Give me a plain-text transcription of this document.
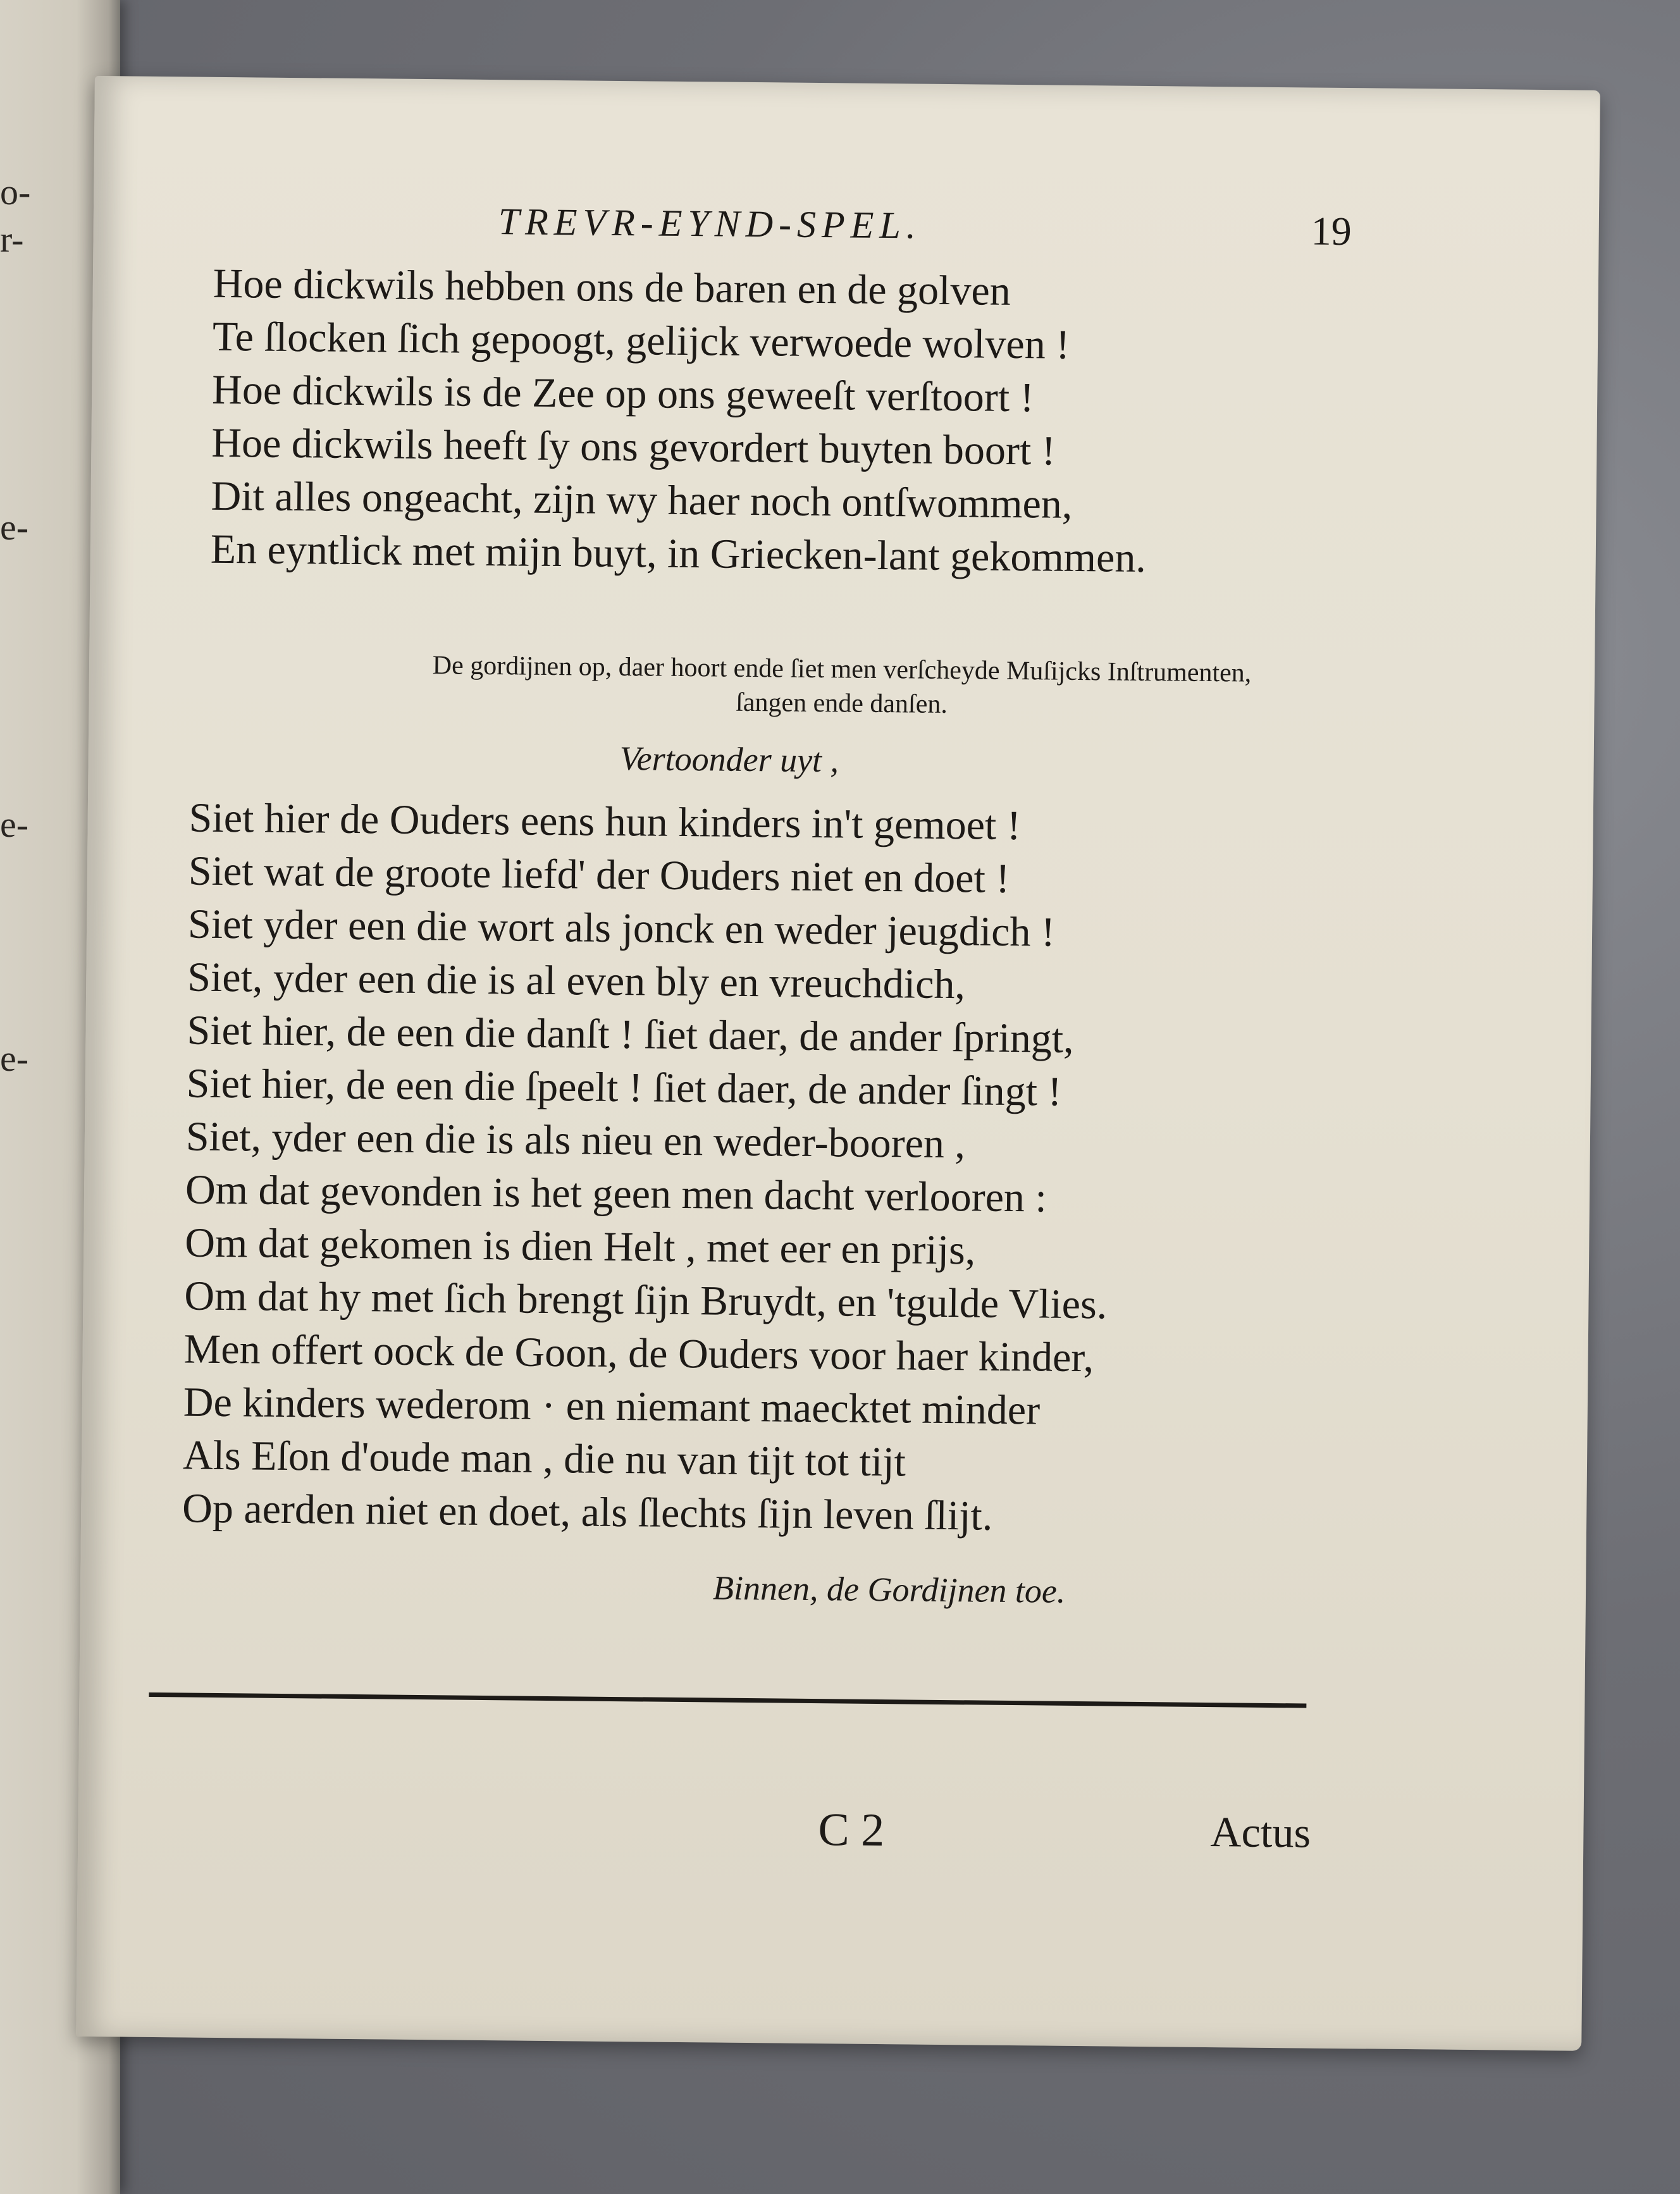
o-
r-
e-
e-
e-
TREVR-EYND-SPEL.	19
Hoe dickwils hebben ons de baren en de golven
Te ſlocken ſich gepoogt, gelijck verwoede wolven !
Hoe dickwils is de Zee op ons geweeſt verſtoort !
Hoe dickwils heeft ſy ons gevordert buyten boort !
Dit alles ongeacht, zijn wy haer noch ontſwommen,
En eyntlick met mijn buyt, in Griecken-lant gekommen.
De gordijnen op, daer hoort ende ſiet men verſcheyde Muſijcks Inſtrumenten,
ſangen ende danſen.
Vertoonder uyt ,
Siet hier de Ouders eens hun kinders in't gemoet !
Siet wat de groote liefd' der Ouders niet en doet !
Siet yder een die wort als jonck en weder jeugdich !
Siet, yder een die is al even bly en vreuchdich,
Siet hier, de een die danſt ! ſiet daer, de ander ſpringt,
Siet hier, de een die ſpeelt ! ſiet daer, de ander ſingt !
Siet, yder een die is als nieu en weder-booren ,
Om dat gevonden is het geen men dacht verlooren :
Om dat gekomen is dien Helt , met eer en prijs,
Om dat hy met ſich brengt ſijn Bruydt, en 'tgulde Vlies.
Men offert oock de Goon, de Ouders voor haer kinder,
De kinders wederom · en niemant maecktet minder
Als Eſon d'oude man , die nu van tijt tot tijt
Op aerden niet en doet, als ſlechts ſijn leven ſlijt.
Binnen, de Gordijnen toe.
C 2	Actus
